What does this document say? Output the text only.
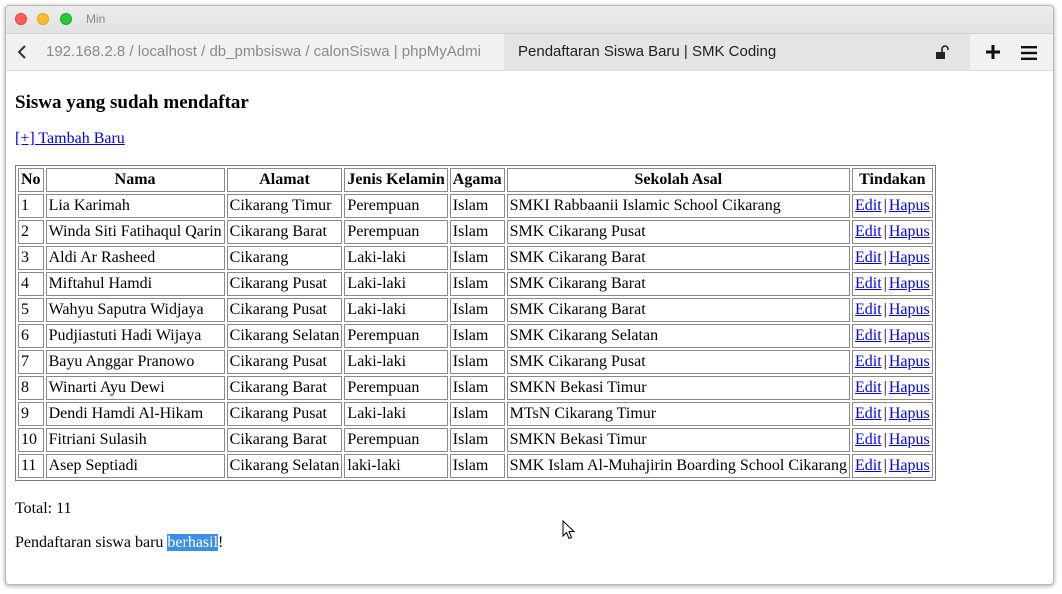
Min
192.168.2.8 / localhost / db_pmbsiswa / calonSiswa | phpMyAdmi	Pendaftaran Siswa Baru | SMK Coding
Siswa yang sudah mendaftar
[+] Tambah Baru
No	Nama	Alamat	Jenis Kelamin	Agama	Sekolah Asal	Tindakan
1	Lia Karimah	Cikarang Timur	Perempuan	Islam	SMKI Rabbaanii Islamic School Cikarang	Edit | Hapus
2	Winda Siti Fatihaqul Qarin	Cikarang Barat	Perempuan	Islam	SMK Cikarang Pusat	Edit | Hapus
3	Aldi Ar Rasheed	Cikarang	Laki-laki	Islam	SMK Cikarang Barat	Edit | Hapus
4	Miftahul Hamdi	Cikarang Pusat	Laki-laki	Islam	SMK Cikarang Barat	Edit | Hapus
5	Wahyu Saputra Widjaya	Cikarang Pusat	Laki-laki	Islam	SMK Cikarang Barat	Edit | Hapus
6	Pudjiastuti Hadi Wijaya	Cikarang Selatan	Perempuan	Islam	SMK Cikarang Selatan	Edit | Hapus
7	Bayu Anggar Pranowo	Cikarang Pusat	Laki-laki	Islam	SMK Cikarang Pusat	Edit | Hapus
8	Winarti Ayu Dewi	Cikarang Barat	Perempuan	Islam	SMKN Bekasi Timur	Edit | Hapus
9	Dendi Hamdi Al-Hikam	Cikarang Pusat	Laki-laki	Islam	MTsN Cikarang Timur	Edit | Hapus
10	Fitriani Sulasih	Cikarang Barat	Perempuan	Islam	SMKN Bekasi Timur	Edit | Hapus
11	Asep Septiadi	Cikarang Selatan	laki-laki	Islam	SMK Islam Al-Muhajirin Boarding School Cikarang	Edit | Hapus
Total: 11
Pendaftaran siswa baru berhasil!
